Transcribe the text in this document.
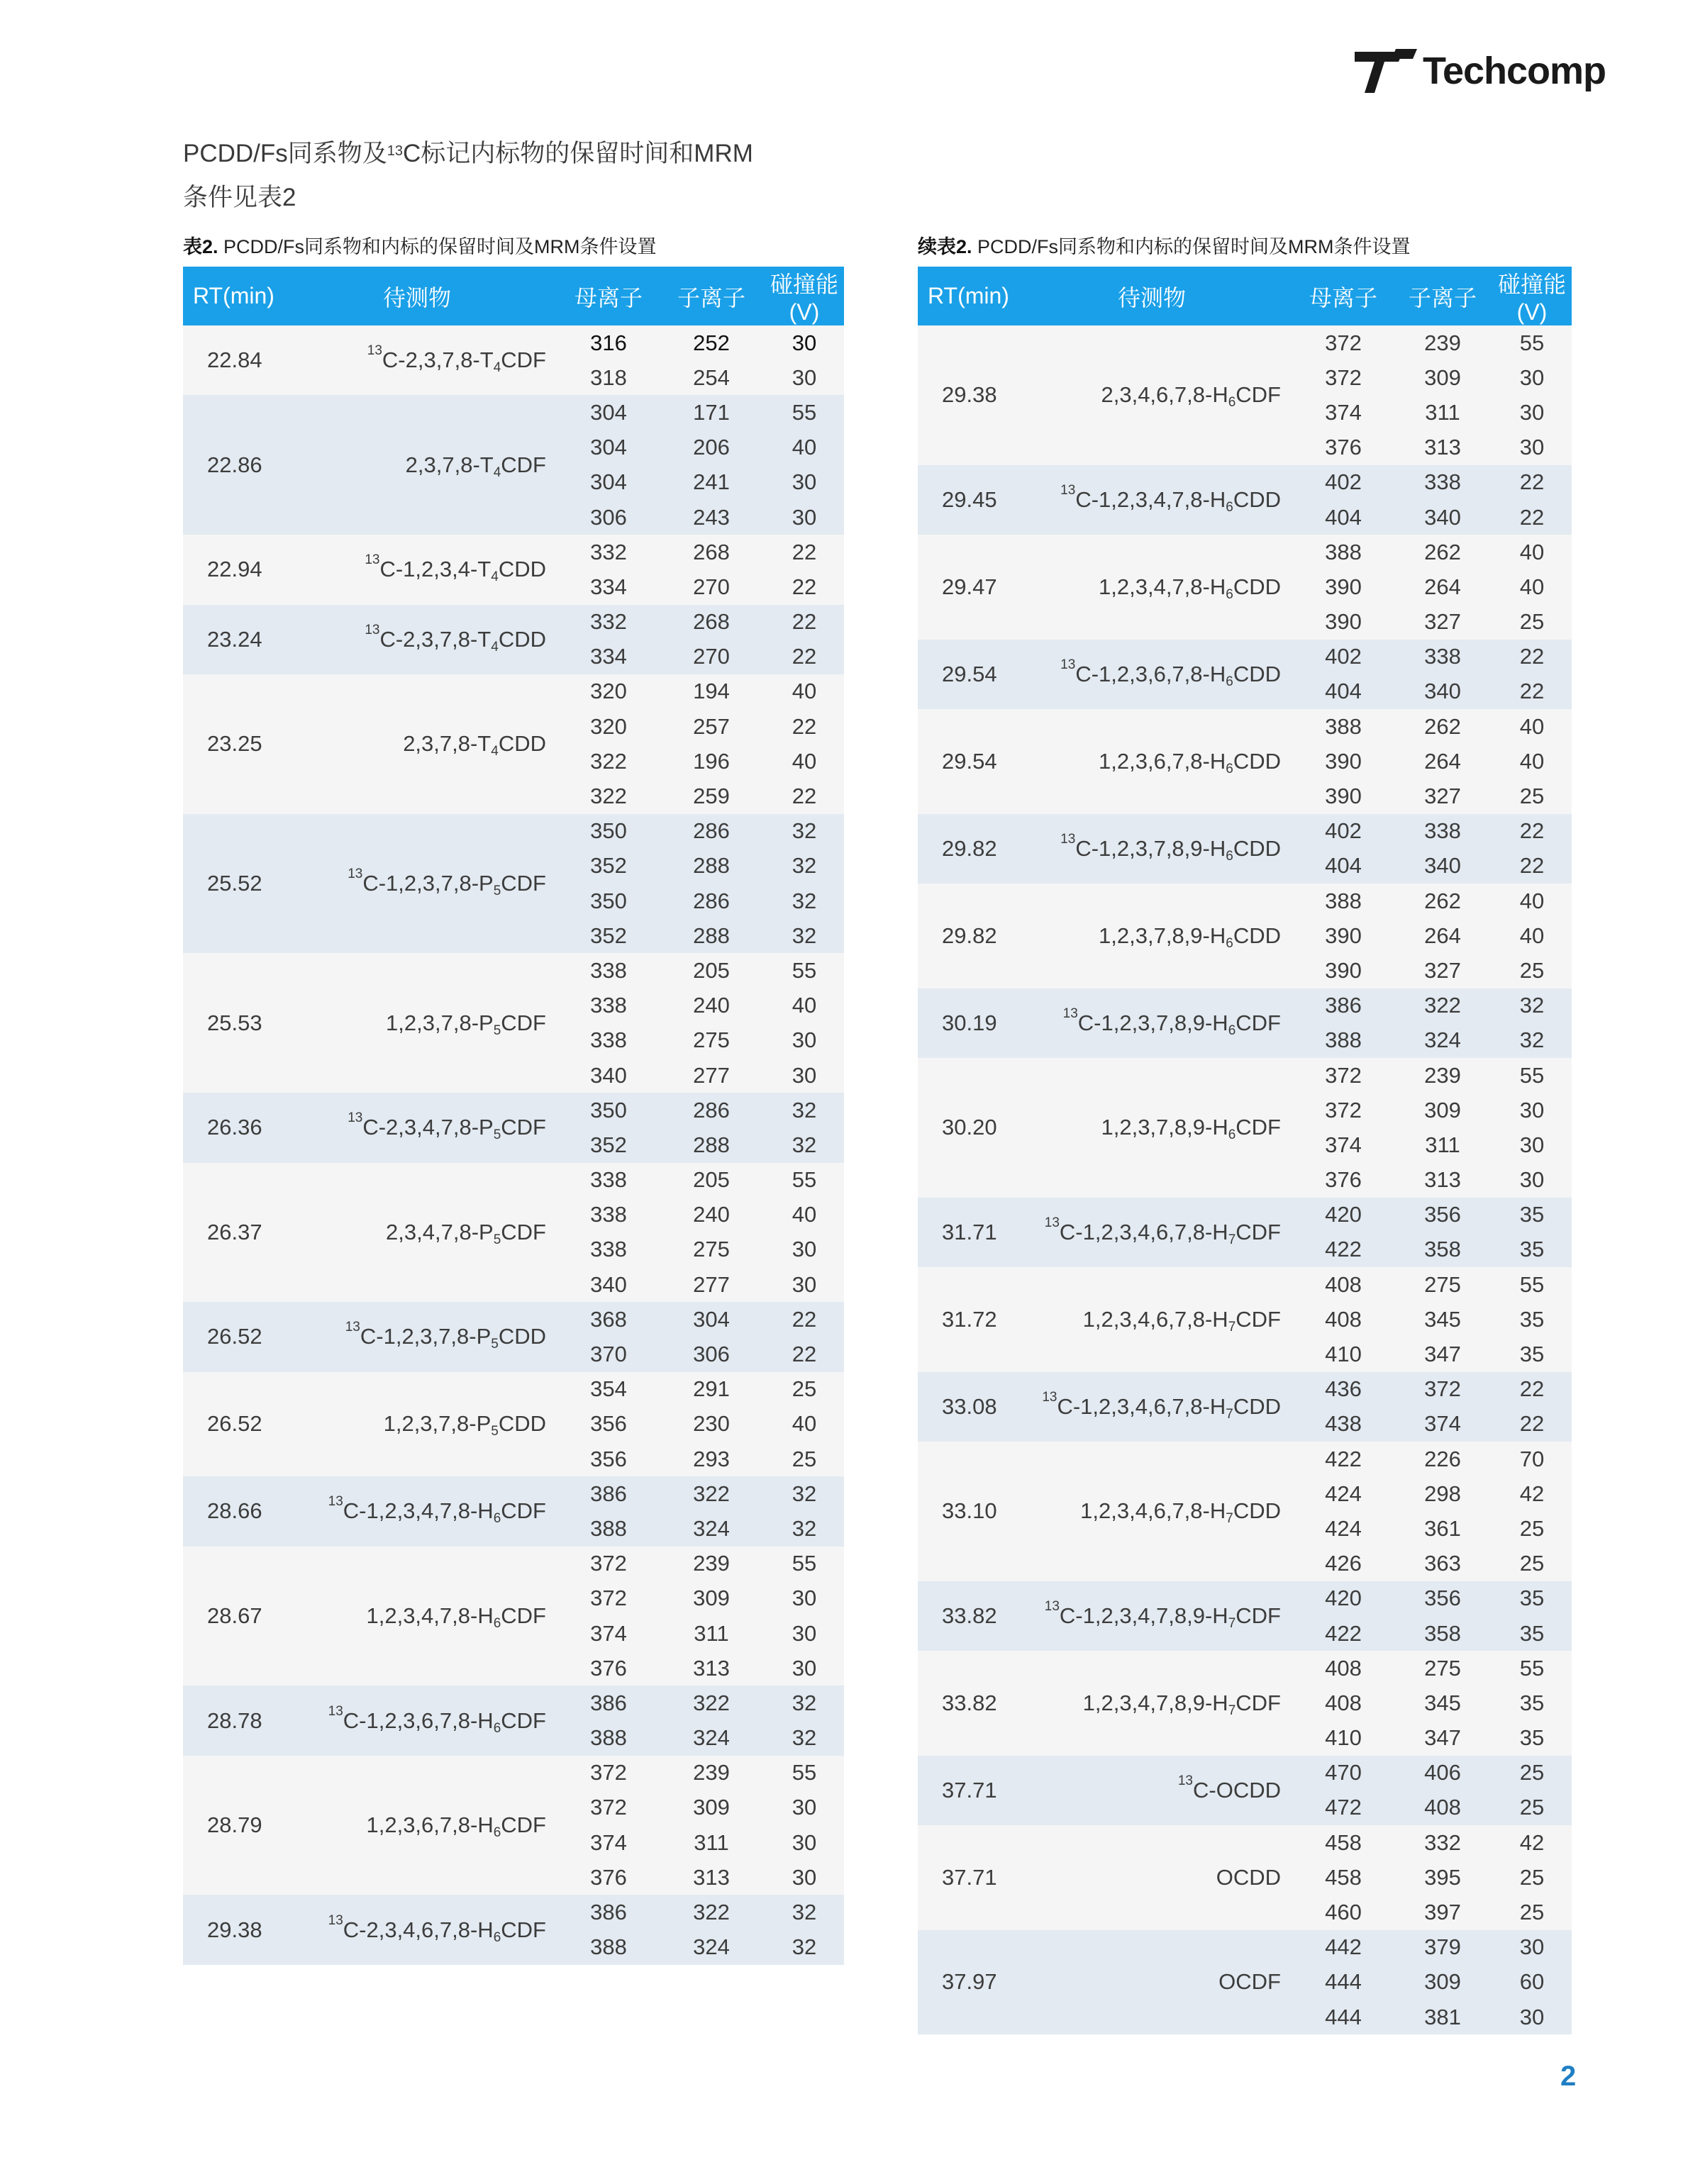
Techcomp
PCDD/Fs同系物及$^{13}$C标记内标物的保留时间和MRM
条件见表2
表2. PCDD/Fs同系物和内标的保留时间及MRM条件设置	续表2. PCDD/Fs同系物和内标的保留时间及MRM条件设置
RT(min)	待测物	母离子	子离子	碰撞能(V)
22.84	$^{13}C-2,3,7,8-T_4CDF$	316	252	30
		318	254	30
22.86	$2,3,7,8-T_4CDF$	304	171	55
		304	206	40
		304	241	30
		306	243	30
22.94	$^{13}C-1,2,3,4-T_4CDD$	332	268	22
		334	270	22
23.24	$^{13}C-2,3,7,8-T_4CDD$	332	268	22
		334	270	22
23.25	$2,3,7,8-T_4CDD$	320	194	40
		320	257	22
		322	196	40
		322	259	22
25.52	$^{13}C-1,2,3,7,8-P_5CDF$	350	286	32
		352	288	32
		350	286	32
		352	288	32
25.53	$1,2,3,7,8-P_5CDF$	338	205	55
		338	240	40
		338	275	30
		340	277	30
26.36	$^{13}C-2,3,4,7,8-P_5CDF$	350	286	32
		352	288	32
26.37	$2,3,4,7,8-P_5CDF$	338	205	55
		338	240	40
		338	275	30
		340	277	30
26.52	$^{13}C-1,2,3,7,8-P_5CDD$	368	304	22
		370	306	22
26.52	$1,2,3,7,8-P_5CDD$	354	291	25
		356	230	40
		356	293	25
28.66	$^{13}C-1,2,3,4,7,8-H_6CDF$	386	322	32
		388	324	32
28.67	$1,2,3,4,7,8-H_6CDF$	372	239	55
		372	309	30
		374	311	30
		376	313	30
28.78	$^{13}C-1,2,3,6,7,8-H_6CDF$	386	322	32
		388	324	32
28.79	$1,2,3,6,7,8-H_6CDF$	372	239	55
		372	309	30
		374	311	30
		376	313	30
29.38	$^{13}C-2,3,4,6,7,8-H_6CDF$	386	322	32
		388	324	32
RT(min)	待测物	母离子	子离子	碰撞能(V)
29.38	$2,3,4,6,7,8-H_6CDF$	372	239	55
		372	309	30
		374	311	30
		376	313	30
29.45	$^{13}C-1,2,3,4,7,8-H_6CDD$	402	338	22
		404	340	22
29.47	$1,2,3,4,7,8-H_6CDD$	388	262	40
		390	264	40
		390	327	25
29.54	$^{13}C-1,2,3,6,7,8-H_6CDD$	402	338	22
		404	340	22
29.54	$1,2,3,6,7,8-H_6CDD$	388	262	40
		390	264	40
		390	327	25
29.82	$^{13}C-1,2,3,7,8,9-H_6CDD$	402	338	22
		404	340	22
29.82	$1,2,3,7,8,9-H_6CDD$	388	262	40
		390	264	40
		390	327	25
30.19	$^{13}C-1,2,3,7,8,9-H_6CDF$	386	322	32
		388	324	32
30.20	$1,2,3,7,8,9-H_6CDF$	372	239	55
		372	309	30
		374	311	30
		376	313	30
31.71	$^{13}C-1,2,3,4,6,7,8-H_7CDF$	420	356	35
		422	358	35
31.72	$1,2,3,4,6,7,8-H_7CDF$	408	275	55
		408	345	35
		410	347	35
33.08	$^{13}C-1,2,3,4,6,7,8-H_7CDD$	436	372	22
		438	374	22
33.10	$1,2,3,4,6,7,8-H_7CDD$	422	226	70
		424	298	42
		424	361	25
		426	363	25
33.82	$^{13}C-1,2,3,4,7,8,9-H_7CDF$	420	356	35
		422	358	35
33.82	$1,2,3,4,7,8,9-H_7CDF$	408	275	55
		408	345	35
		410	347	35
37.71	$^{13}$C-OCDD	470	406	25
		472	408	25
37.71	OCDD	458	332	42
		458	395	25
		460	397	25
37.97	OCDF	442	379	30
		444	309	60
		444	381	30
2
